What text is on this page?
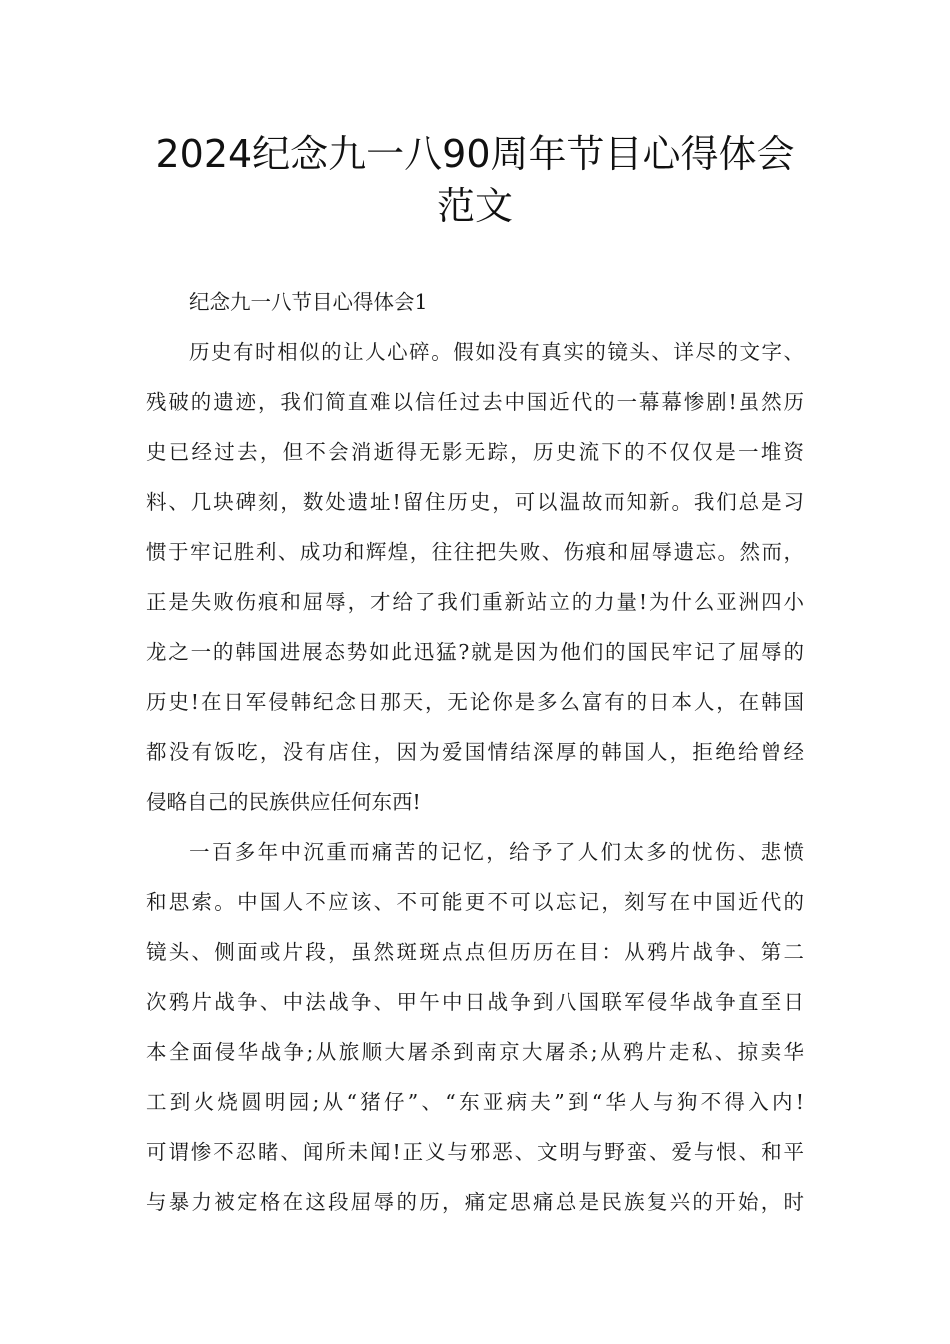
2024纪念九一八90周年节目心得体会
范文
纪念九一八节目心得体会1
历史有时相似的让人心碎。假如没有真实的镜头、详尽的文字、
残破的遗迹，我们简直难以信任过去中国近代的一幕幕惨剧!虽然历
史已经过去，但不会消逝得无影无踪，历史流下的不仅仅是一堆资
料、几块碑刻，数处遗址!留住历史，可以温故而知新。我们总是习
惯于牢记胜利、成功和辉煌，往往把失败、伤痕和屈辱遗忘。然而，
正是失败伤痕和屈辱，才给了我们重新站立的力量!为什么亚洲四小
龙之一的韩国进展态势如此迅猛?就是因为他们的国民牢记了屈辱的
历史!在日军侵韩纪念日那天，无论你是多么富有的日本人，在韩国
都没有饭吃，没有店住，因为爱国情结深厚的韩国人，拒绝给曾经
侵略自己的民族供应任何东西!
一百多年中沉重而痛苦的记忆，给予了人们太多的忧伤、悲愤
和思索。中国人不应该、不可能更不可以忘记，刻写在中国近代的
镜头、侧面或片段，虽然斑斑点点但历历在目：从鸦片战争、第二
次鸦片战争、中法战争、甲午中日战争到八国联军侵华战争直至日
本全面侵华战争;从旅顺大屠杀到南京大屠杀;从鸦片走私、掠卖华
工到火烧圆明园;从“猪仔”、“东亚病夫”到“华人与狗不得入内!
可谓惨不忍睹、闻所未闻!正义与邪恶、文明与野蛮、爱与恨、和平
与暴力被定格在这段屈辱的历，痛定思痛总是民族复兴的开始，时
